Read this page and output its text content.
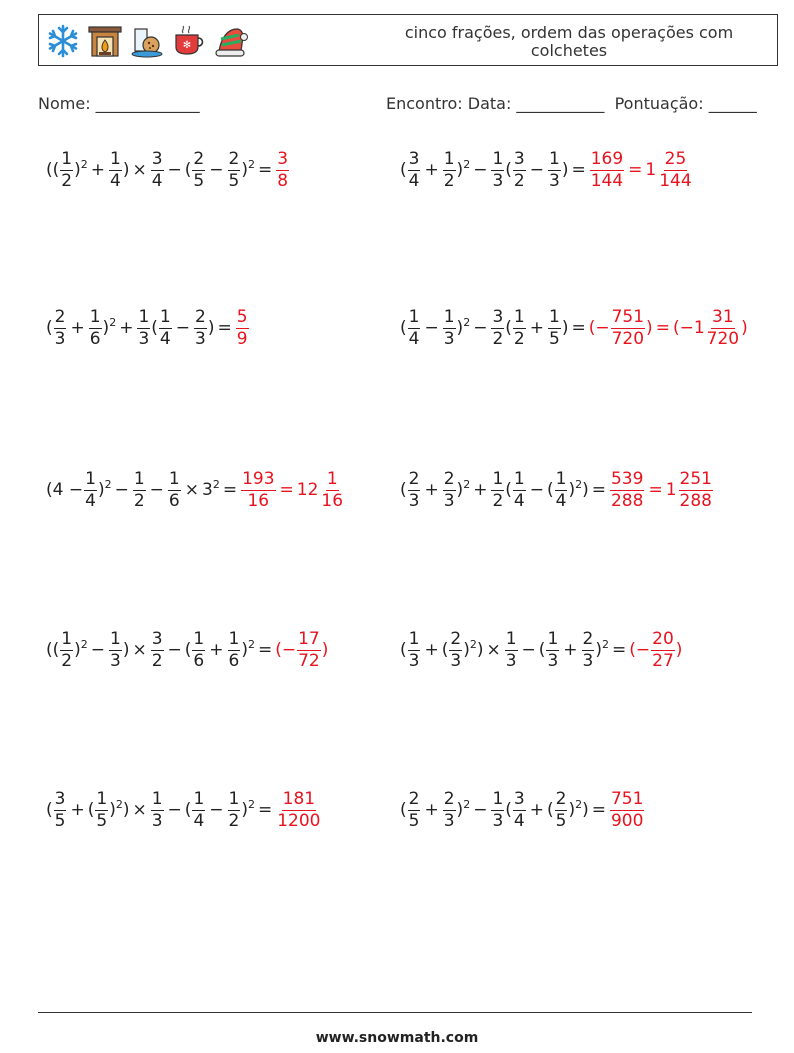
✻
cinco frações, ordem das operações com colchetes
Nome: _____________	Encontro: Data: ___________  Pontuação: ______
(( $\frac{1}{2} )^2 + \frac{1}{4}$ ) × $\frac{3}{4}$ − ( $\frac{2}{5} - \frac{2}{5} )^2 = \frac{3}{8}$	( $\frac{3}{4} + \frac{1}{2} )^2 - \frac{1}{3}$ ( $\frac{3}{2} - \frac{1}{3}$ ) = $\frac{169}{144} = 1 \frac{25}{144}$
( $\frac{2}{3} + \frac{1}{6} )^2 + \frac{1}{3}$ ( $\frac{1}{4} - \frac{2}{3}$ ) = $\frac{5}{9}$	( $\frac{1}{4} - \frac{1}{3} )^2 - \frac{3}{2}$ ( $\frac{1}{2} + \frac{1}{5}$ ) = (− $\frac{751}{720}$ ) = ($-1 \frac{31}{720}$ )
$(4 - \frac{1}{4} )^2 - \frac{1}{2} - \frac{1}{6} \times 3^2 = \frac{193}{16} = 12 \frac{1}{16}$	( $\frac{2}{3} + \frac{2}{3} )^2 + \frac{1}{2}$ ( $\frac{1}{4}$ − ( $\frac{1}{4} )^2$ ) = $\frac{539}{288} = 1 \frac{251}{288}$
(( $\frac{1}{2} )^2 - \frac{1}{3}$ ) × $\frac{3}{2}$ − ( $\frac{1}{6} + \frac{1}{6} )^2$ = (− $\frac{17}{72}$ )	( $\frac{1}{3}$ + ( $\frac{2}{3} )^2$ ) × $\frac{1}{3}$ − ( $\frac{1}{3} + \frac{2}{3} )^2$ = (− $\frac{20}{27}$ )
( $\frac{3}{5}$ + ( $\frac{1}{5} )^2$ ) × $\frac{1}{3}$ − ( $\frac{1}{4} - \frac{1}{2} )^2 = \frac{181}{1200}$	( $\frac{2}{5} + \frac{2}{3} )^2 - \frac{1}{3}$ ( $\frac{3}{4}$ + ( $\frac{2}{5} )^2$ ) = $\frac{751}{900}$
www.snowmath.com
